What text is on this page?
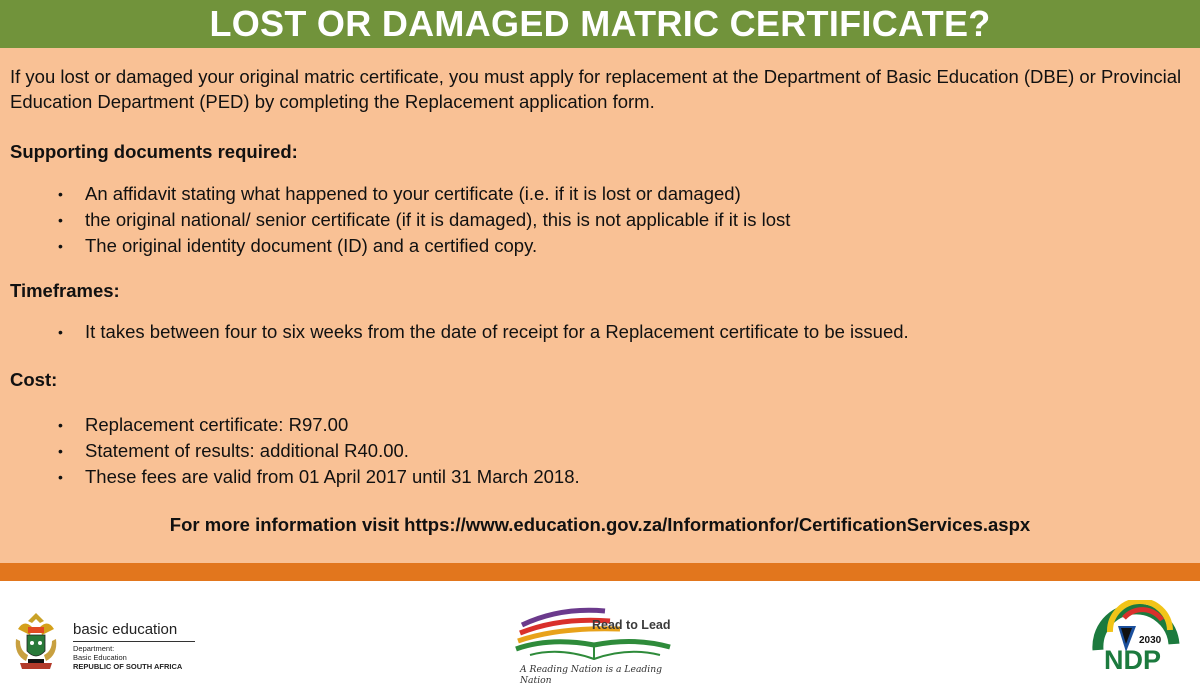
LOST OR DAMAGED MATRIC CERTIFICATE?

If you lost or damaged your original matric certificate, you must apply for replacement at the Department of Basic Education (DBE) or Provincial Education Department (PED) by completing the Replacement application form.

Supporting documents required:

• An affidavit stating what happened to your certificate (i.e. if it is lost or damaged)
• the original national/ senior certificate (if it is damaged), this is not applicable if it is lost
• The original identity document (ID) and a certified copy.

Timeframes:

• It takes between four to six weeks from the date of receipt for a Replacement certificate to be issued.

Cost:

• Replacement certificate: R97.00
• Statement of results: additional R40.00.
• These fees are valid from 01 April 2017 until 31 March 2018.
For more information visit https://www.education.gov.za/Informationfor/CertificationServices.aspx
basic education
Department:
Basic Education
REPUBLIC OF SOUTH AFRICA
Read to Lead
A Reading Nation is a Leading Nation
2030
NDP
